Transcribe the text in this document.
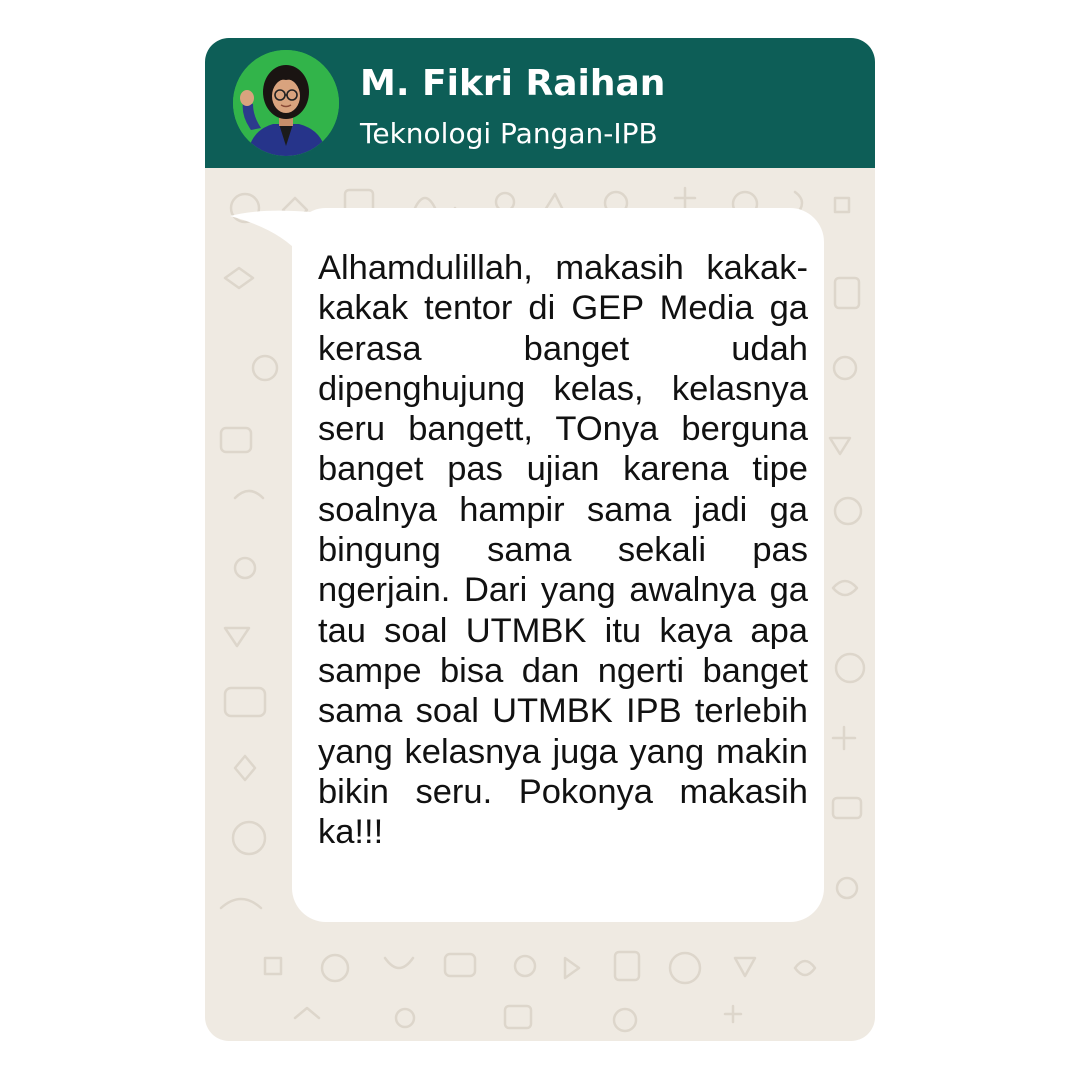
M. Fikri Raihan
Teknologi Pangan-IPB

Alhamdulillah, makasih kakak-kakak tentor di GEP Media ga kerasa banget udah dipenghujung kelas, kelasnya seru bangett, TOnya berguna banget pas ujian karena tipe soalnya hampir sama jadi ga bingung sama sekali pas ngerjain. Dari yang awalnya ga tau soal UTMBK itu kaya apa sampe bisa dan ngerti banget sama soal UTMBK IPB terlebih yang kelasnya juga yang makin bikin seru. Pokonya makasih ka!!!
